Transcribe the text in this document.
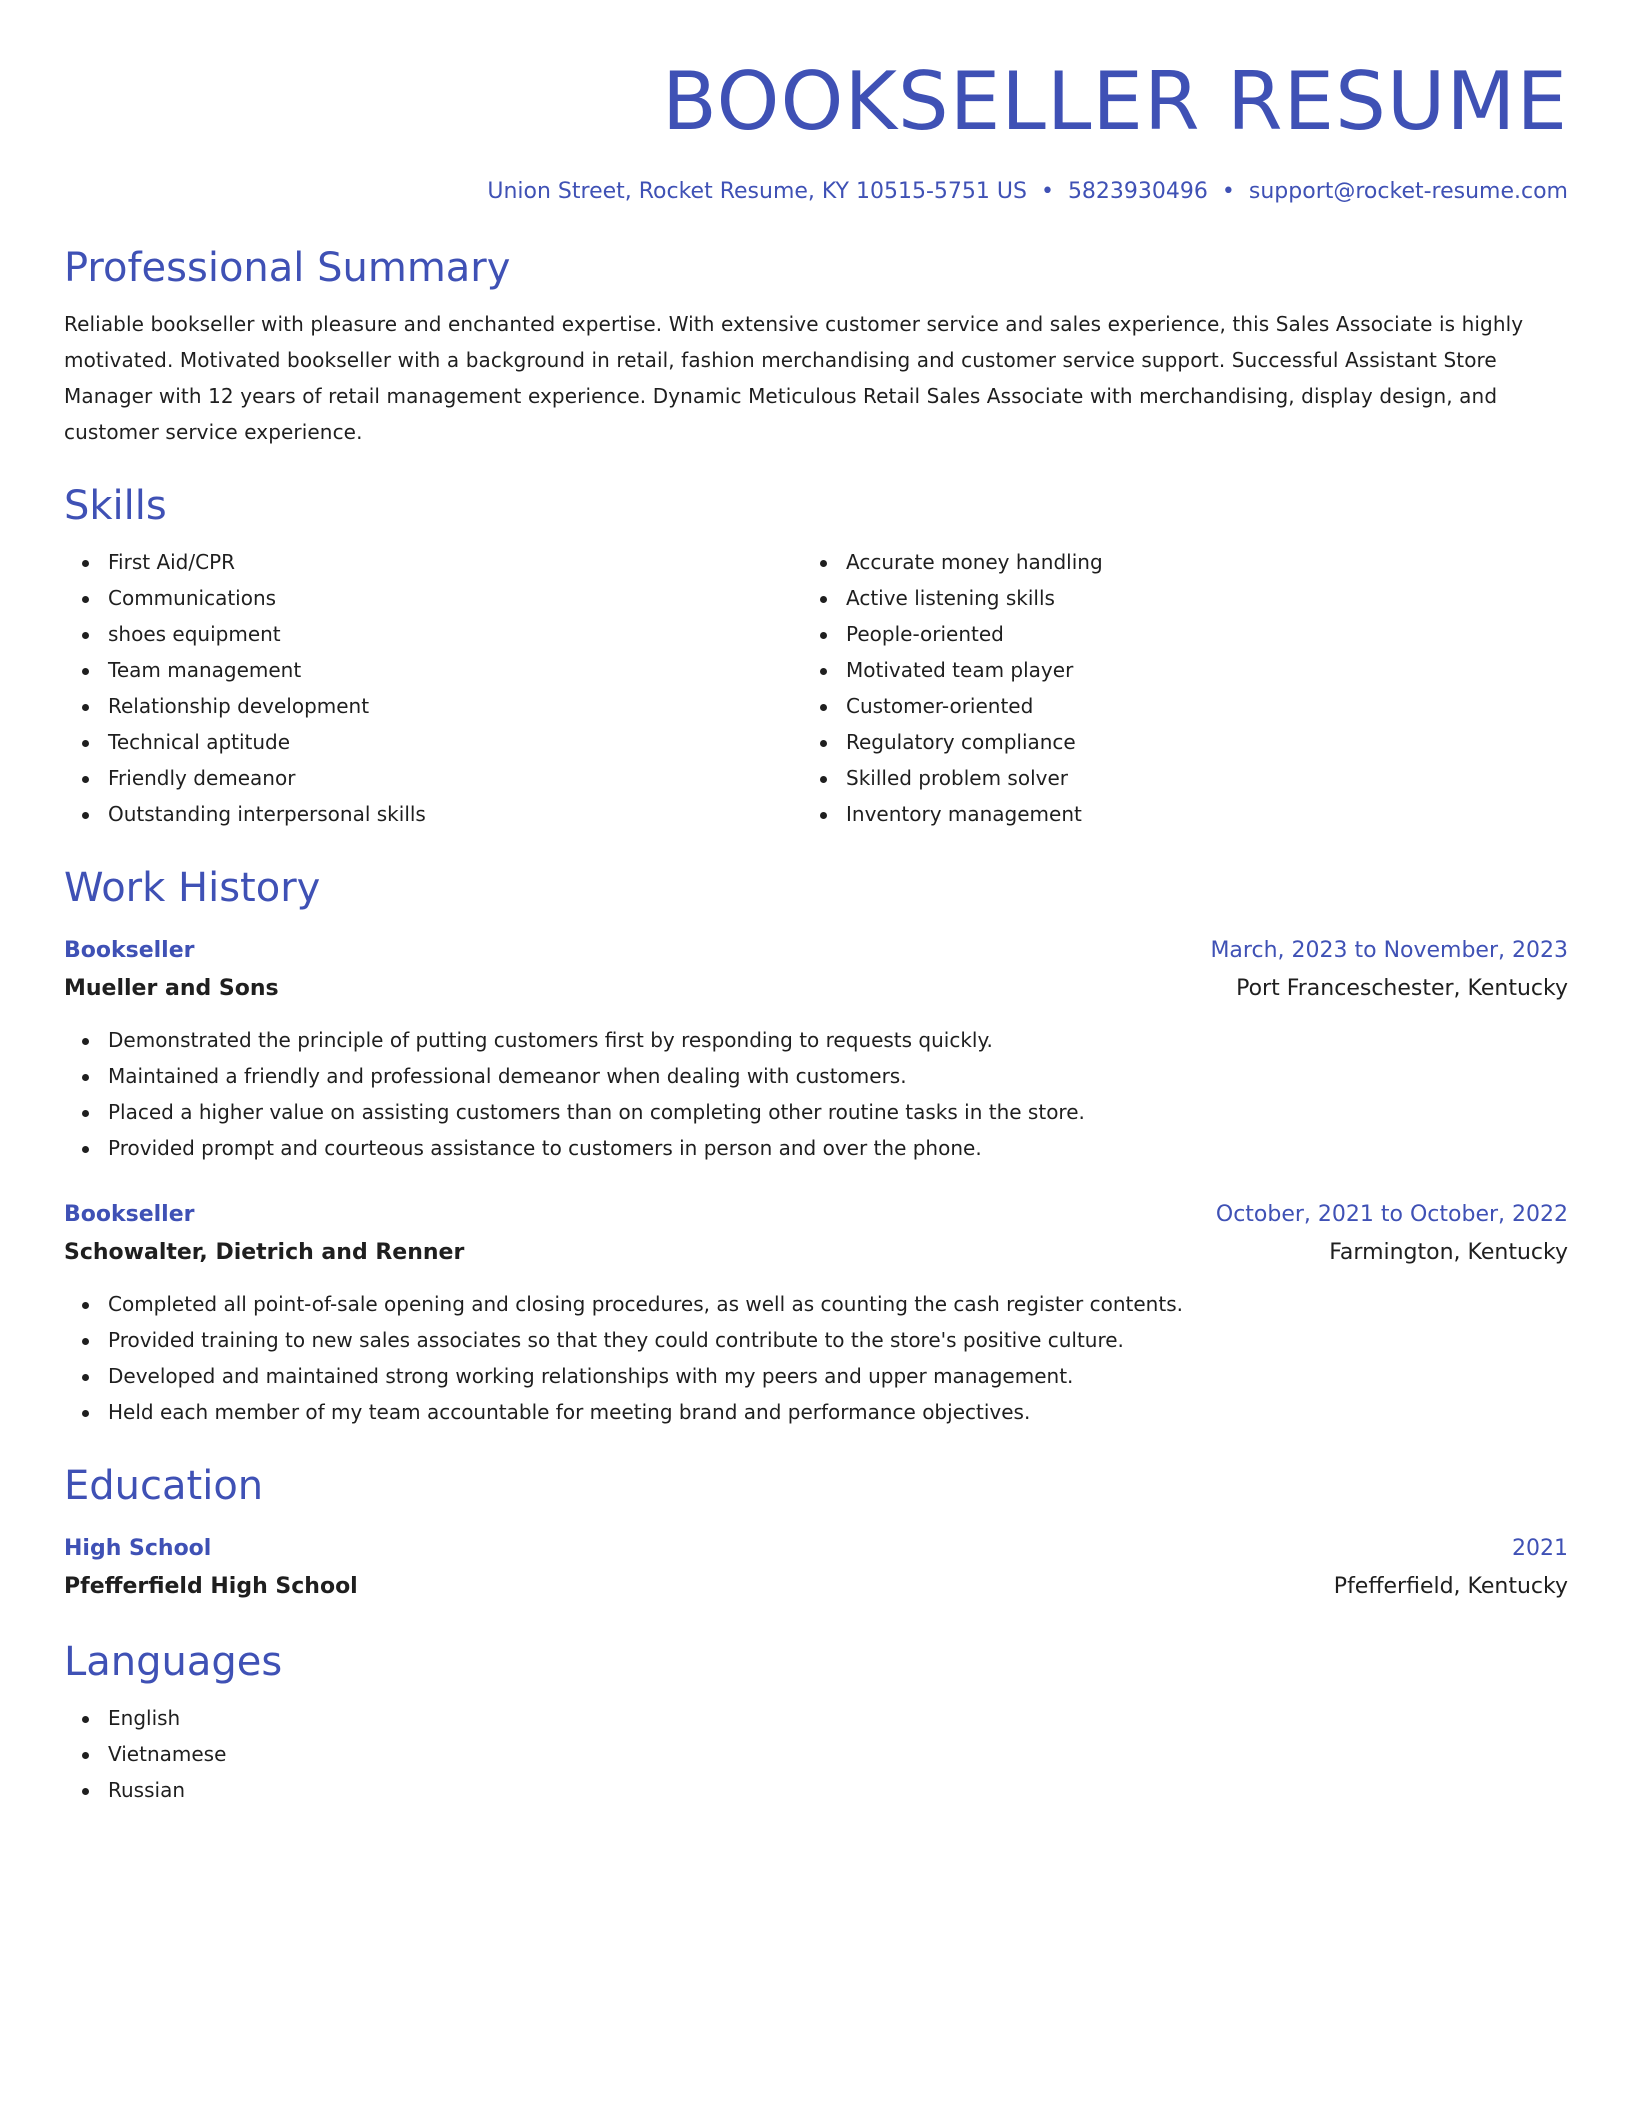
BOOKSELLER RESUME
Union Street, Rocket Resume, KY 10515-5751 US • 5823930496 • support@rocket-resume.com
Professional Summary

Reliable bookseller with pleasure and enchanted expertise. With extensive customer service and sales experience, this Sales Associate is highly motivated. Motivated bookseller with a background in retail, fashion merchandising and customer service support. Successful Assistant Store Manager with 12 years of retail management experience. Dynamic Meticulous Retail Sales Associate with merchandising, display design, and customer service experience.

Skills
First Aid/CPR
Communications
shoes equipment
Team management
Relationship development
Technical aptitude
Friendly demeanor
Outstanding interpersonal skills
Accurate money handling
Active listening skills
People-oriented
Motivated team player
Customer-oriented
Regulatory compliance
Skilled problem solver
Inventory management
Work History
Bookseller	March, 2023 to November, 2023
Mueller and Sons	Port Franceschester, Kentucky
Demonstrated the principle of putting customers first by responding to requests quickly.
Maintained a friendly and professional demeanor when dealing with customers.
Placed a higher value on assisting customers than on completing other routine tasks in the store.
Provided prompt and courteous assistance to customers in person and over the phone.
Bookseller	October, 2021 to October, 2022
Schowalter, Dietrich and Renner	Farmington, Kentucky
Completed all point-of-sale opening and closing procedures, as well as counting the cash register contents.
Provided training to new sales associates so that they could contribute to the store's positive culture.
Developed and maintained strong working relationships with my peers and upper management.
Held each member of my team accountable for meeting brand and performance objectives.
Education
High School	2021
Pfefferfield High School	Pfefferfield, Kentucky
Languages
English
Vietnamese
Russian
